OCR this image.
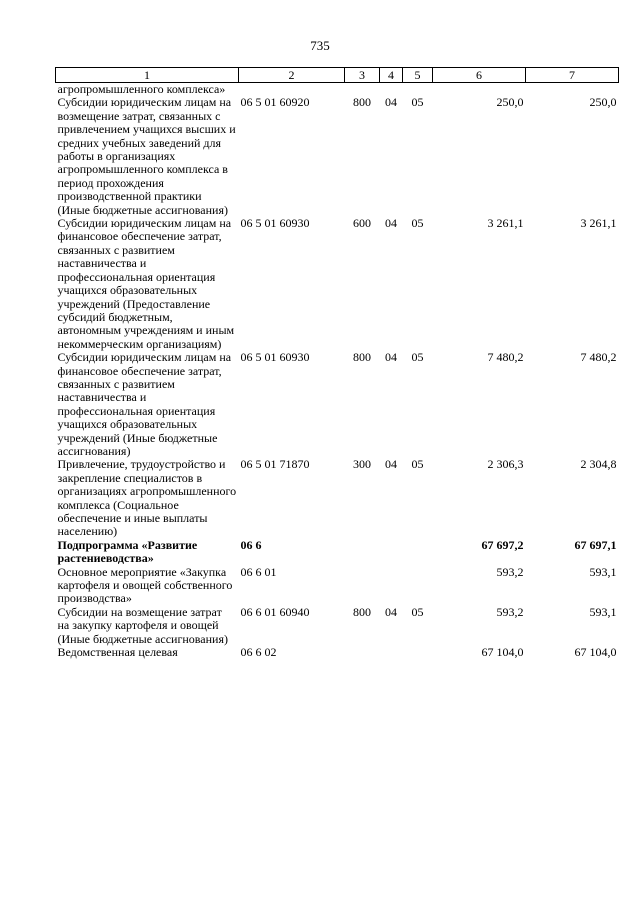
735
1	2	3	4	5	6	7
агропромышленного комплекса»						
Субсидии юридическим лицам на возмещение затрат, связанных с привлечением учащихся высших и средних учебных заведений для работы в организациях агропромышленного комплекса в период прохождения производственной практики (Иные бюджетные ассигнования)	06 5 01 60920	800	04	05	250,0	250,0
Субсидии юридическим лицам на финансовое обеспечение затрат, связанных с развитием наставничества и профессиональная ориентация учащихся образовательных учреждений (Предоставление субсидий бюджетным, автономным учреждениям и иным некоммерческим организациям)	06 5 01 60930	600	04	05	3 261,1	3 261,1
Субсидии юридическим лицам на финансовое обеспечение затрат, связанных с развитием наставничества и профессиональная ориентация учащихся образовательных учреждений (Иные бюджетные ассигнования)	06 5 01 60930	800	04	05	7 480,2	7 480,2
Привлечение, трудоустройство и закрепление специалистов в организациях агропромышленного комплекса (Социальное обеспечение и иные выплаты населению)	06 5 01 71870	300	04	05	2 306,3	2 304,8
Подпрограмма «Развитие растениеводства»	06 6				67 697,2	67 697,1
Основное мероприятие «Закупка картофеля и овощей собственного производства»	06 6 01				593,2	593,1
Субсидии на возмещение затрат на закупку картофеля и овощей (Иные бюджетные ассигнования)	06 6 01 60940	800	04	05	593,2	593,1
Ведомственная целевая	06 6 02				67 104,0	67 104,0
